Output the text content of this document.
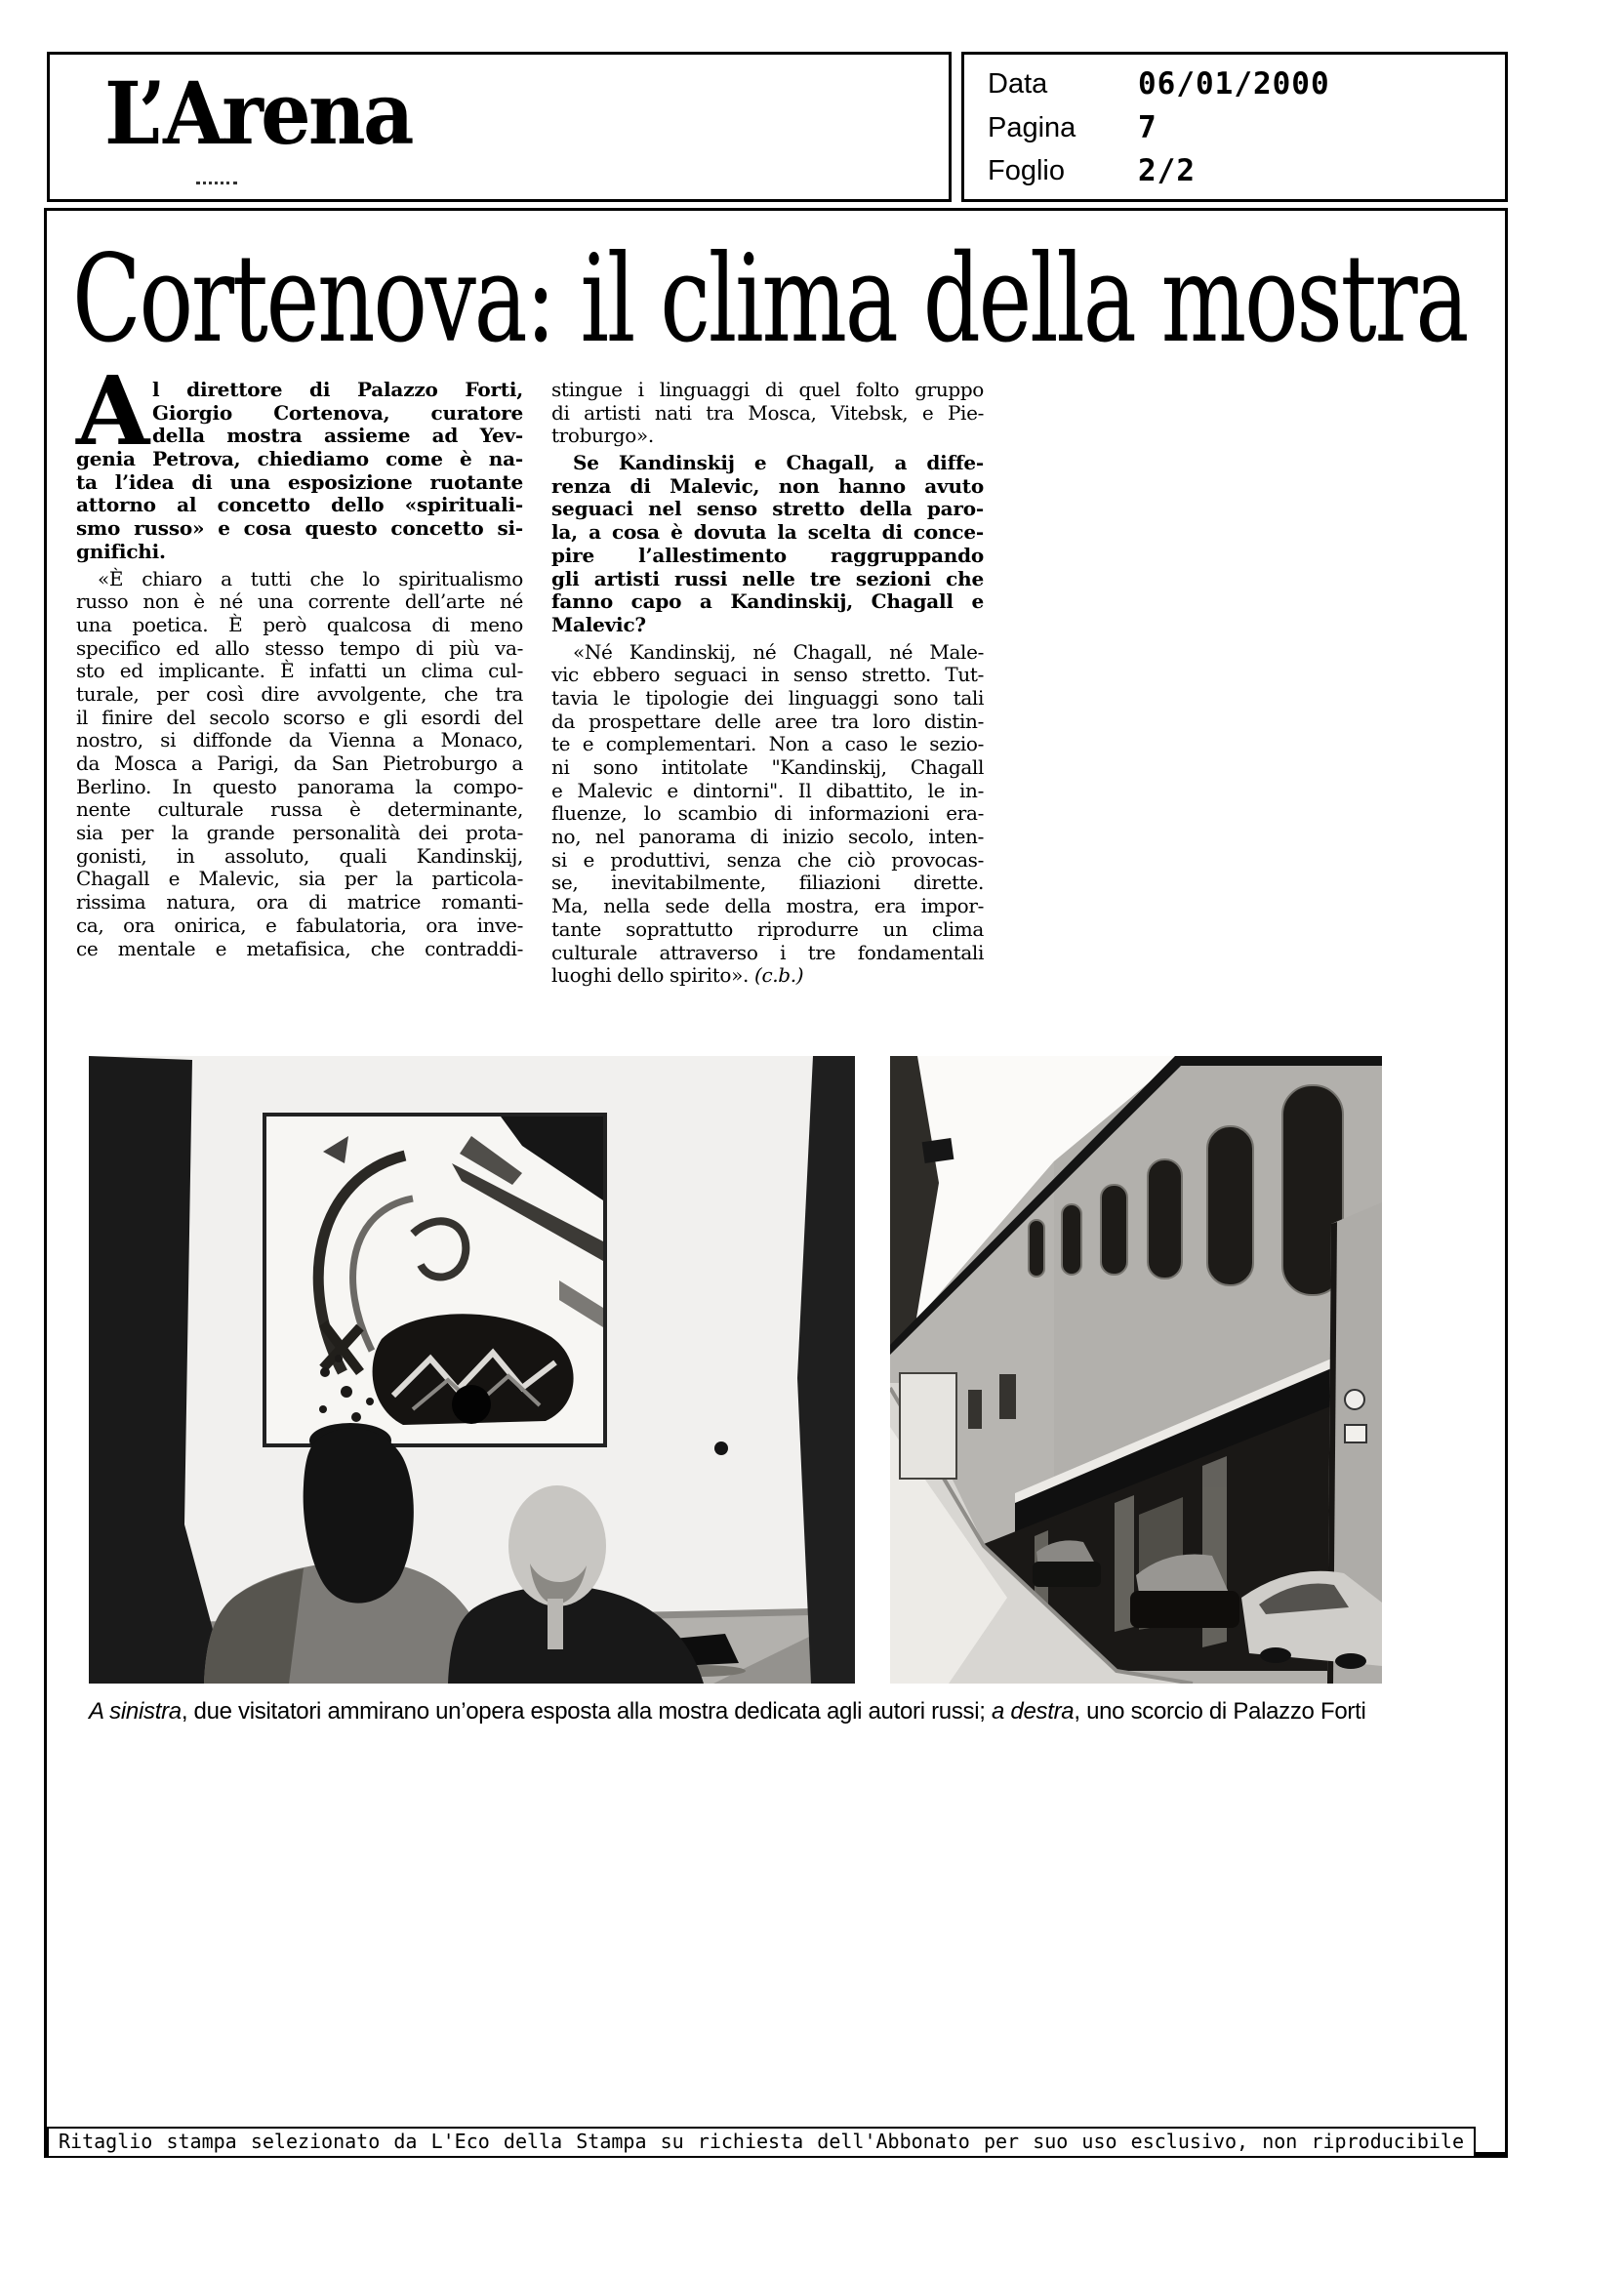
L’Arena	Data	06/01/2000
Pagina 7
Foglio 2/2
Cortenova: il clima della mostra
A l direttore di Palazzo Forti,
Giorgio Cortenova, curatore
della mostra assieme ad Yev-
genia Petrova, chiediamo come è na-
ta l’idea di una esposizione ruotante
attorno al concetto dello «spirituali-
smo russo» e cosa questo concetto si-
gnifichi.
«È chiaro a tutti che lo spiritualismo
russo non è né una corrente dell’arte né
una poetica. È però qualcosa di meno
specifico ed allo stesso tempo di più va-
sto ed implicante. È infatti un clima cul-
turale, per così dire avvolgente, che tra
il finire del secolo scorso e gli esordi del
nostro, si diffonde da Vienna a Monaco,
da Mosca a Parigi, da San Pietroburgo a
Berlino. In questo panorama la compo-
nente culturale russa è determinante,
sia per la grande personalità dei prota-
gonisti, in assoluto, quali Kandinskij,
Chagall e Malevic, sia per la particola-
rissima natura, ora di matrice romanti-
ca, ora onirica, e fabulatoria, ora inve-
ce mentale e metafisica, che contraddi-
stingue i linguaggi di quel folto gruppo
di artisti nati tra Mosca, Vitebsk, e Pie-
troburgo».
Se Kandinskij e Chagall, a diffe-
renza di Malevic, non hanno avuto
seguaci nel senso stretto della paro-
la, a cosa è dovuta la scelta di conce-
pire l’allestimento raggruppando
gli artisti russi nelle tre sezioni che
fanno capo a Kandinskij, Chagall e
Malevic?
«Né Kandinskij, né Chagall, né Male-
vic ebbero seguaci in senso stretto. Tut-
tavia le tipologie dei linguaggi sono tali
da prospettare delle aree tra loro distin-
te e complementari. Non a caso le sezio-
ni sono intitolate "Kandinskij, Chagall
e Malevic e dintorni". Il dibattito, le in-
fluenze, lo scambio di informazioni era-
no, nel panorama di inizio secolo, inten-
si e produttivi, senza che ciò provocas-
se, inevitabilmente, filiazioni dirette.
Ma, nella sede della mostra, era impor-
tante soprattutto riprodurre un clima
culturale attraverso i tre fondamentali
luoghi dello spirito». (c.b.)
A sinistra, due visitatori ammirano un’opera esposta alla mostra dedicata agli autori russi; a destra, uno scorcio di Palazzo Forti
Ritaglio stampa selezionato da L'Eco della Stampa su richiesta dell'Abbonato per suo uso esclusivo, non riproducibile
